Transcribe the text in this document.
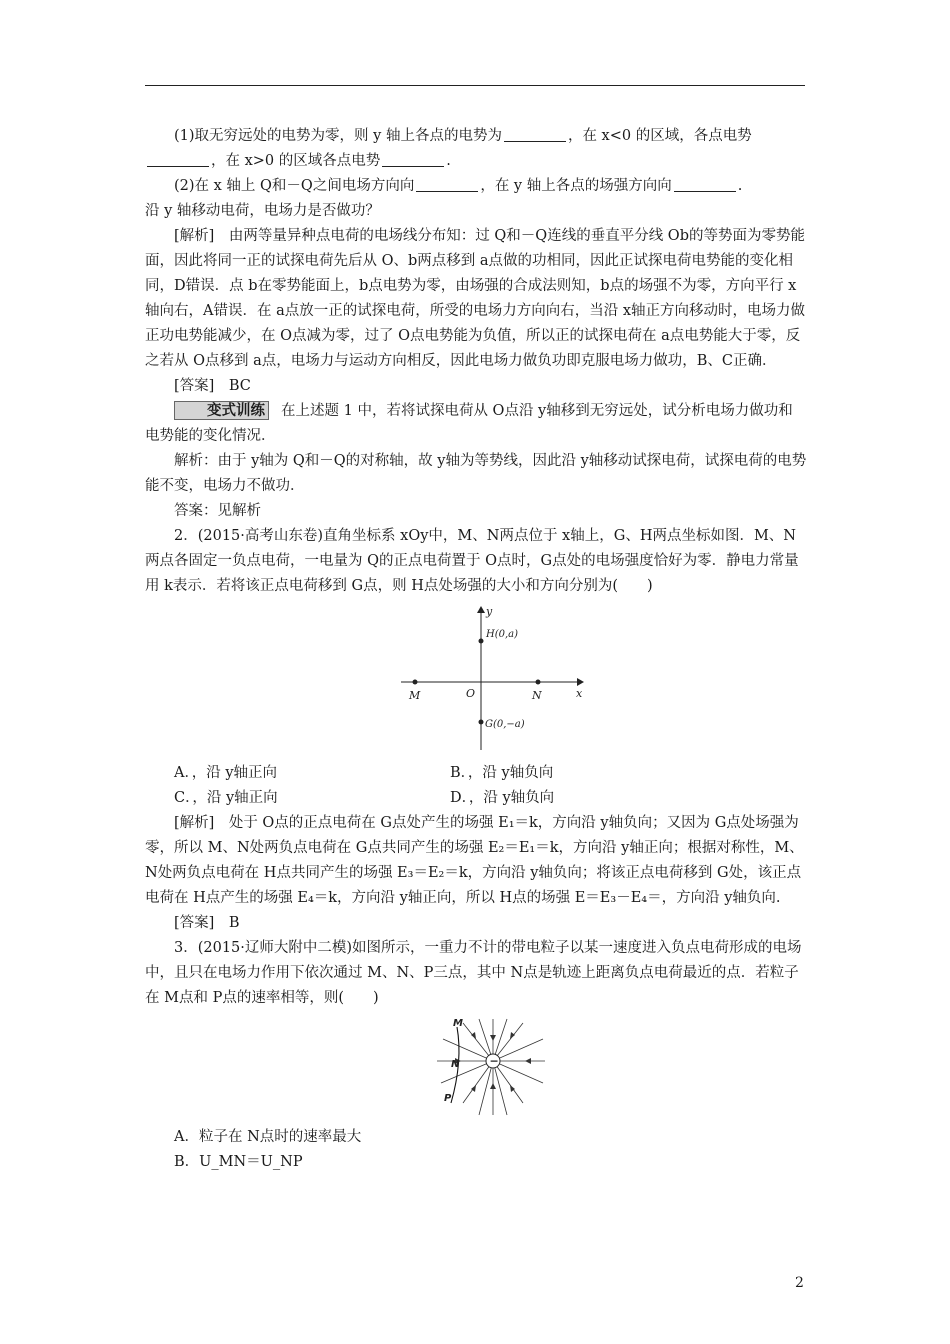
(1)取无穷远处的电势为零，则 y 轴上各点的电势为	，在 x<0 的区域，各点电势，在 x>0 的区域各点电势	.

(2)在 x 轴上 Q和－Q之间电场方向向	，在 y 轴上各点的场强方向向	.

沿 y 轴移动电荷，电场力是否做功？

[解析]　由两等量异种点电荷的电场线分布知：过 Q和－Q连线的垂直平分线 Ob的等势面为零势能面，因此将同一正的试探电荷先后从 O、b两点移到 a点做的功相同，因此正试探电荷电势能的变化相同，D错误．点 b在零势能面上，b点电势为零，由场强的合成法则知，b点的场强不为零，方向平行 x轴向右，A错误．在 a点放一正的试探电荷，所受的电场力方向向右，当沿 x轴正方向移动时，电场力做正功电势能减少，在 O点减为零，过了 O点电势能为负值，所以正的试探电荷在 a点电势能大于零，反之若从 O点移到 a点，电场力与运动方向相反，因此电场力做负功即克服电场力做功，B、C正确．

[答案]　BC

变式训练 在上述题 1 中，若将试探电荷从 O点沿 y轴移到无穷远处，试分析电场力做功和电势能的变化情况．

解析：由于 y轴为 Q和－Q的对称轴，故 y轴为等势线，因此沿 y轴移动试探电荷，试探电荷的电势能不变，电场力不做功．

答案：见解析

2．(2015·高考山东卷)直角坐标系 xOy中，M、N两点位于 x轴上，G、H两点坐标如图．M、N两点各固定一负点电荷，一电量为 Q的正点电荷置于 O点时，G点处的电场强度恰好为零．静电力常量用 k表示．若将该正点电荷移到 G点，则 H点处场强的大小和方向分别为(　　)

y
x
H(0,a)
M	O	N
G(0,−a)
A．，沿 y轴正向	B．，沿 y轴负向
C．，沿 y轴正向	D．，沿 y轴负向

[解析]　处于 O点的正点电荷在 G点处产生的场强 E₁＝k，方向沿 y轴负向；又因为 G点处场强为零，所以 M、N处两负点电荷在 G点共同产生的场强 E₂＝E₁＝k，方向沿 y轴正向；根据对称性，M、N处两负点电荷在 H点共同产生的场强 E₃＝E₂＝k，方向沿 y轴负向；将该正点电荷移到 G处，该正点电荷在 H点产生的场强 E₄＝k，方向沿 y轴正向，所以 H点的场强 E＝E₃－E₄＝，方向沿 y轴负向.

[答案]　B

3．(2015·辽师大附中二模)如图所示，一重力不计的带电粒子以某一速度进入负点电荷形成的电场中，且只在电场力作用下依次通过 M、N、P三点，其中 N点是轨迹上距离负点电荷最近的点．若粒子在 M点和 P点的速率相等，则(　　)

−
M
N
P

A．粒子在 N点时的速率最大

B．U_MN＝U_NP

2
